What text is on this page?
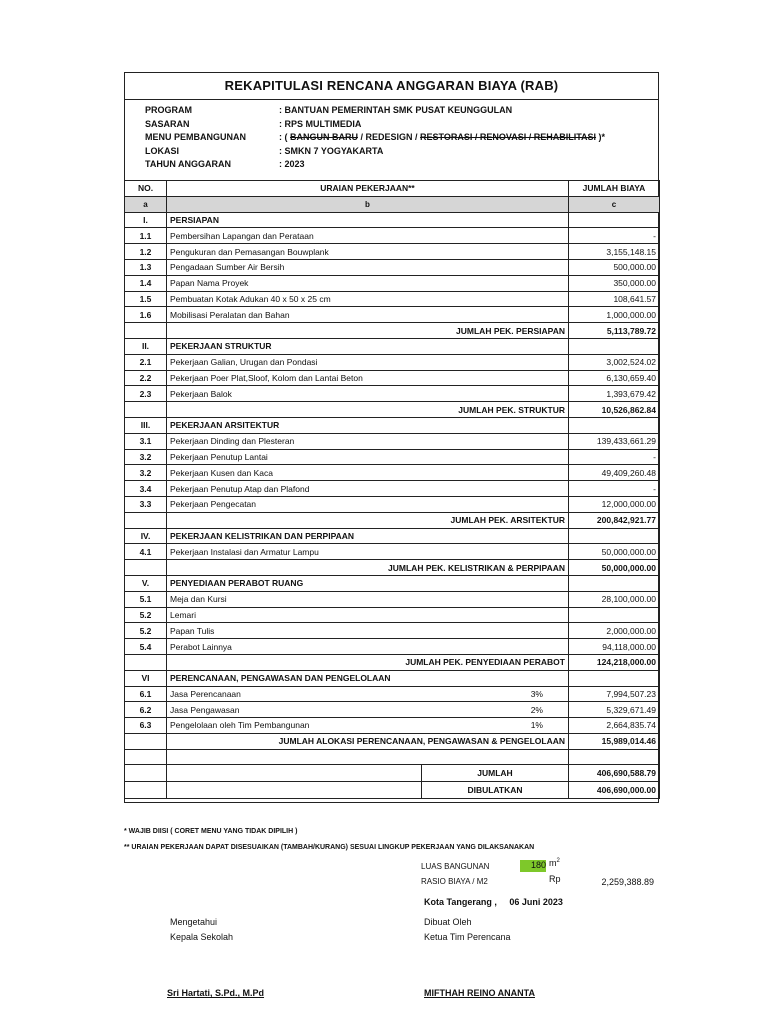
REKAPITULASI RENCANA ANGGARAN BIAYA (RAB)
PROGRAM	: BANTUAN PEMERINTAH SMK PUSAT KEUNGGULAN
SASARAN	: RPS MULTIMEDIA
MENU PEMBANGUNAN	: ( BANGUN BARU / REDESIGN / RESTORASI / RENOVASI / REHABILITASI )*
LOKASI	: SMKN 7 YOGYAKARTA
TAHUN ANGGARAN	: 2023
NO.	URAIAN PEKERJAAN**	JUMLAH BIAYA
a	b	c
I.	PERSIAPAN	
1.1	Pembersihan Lapangan dan Perataan	-
1.2	Pengukuran dan Pemasangan Bouwplank	3,155,148.15
1.3	Pengadaan Sumber Air Bersih	500,000.00
1.4	Papan Nama Proyek	350,000.00
1.5	Pembuatan Kotak Adukan 40 x 50 x 25 cm	108,641.57
1.6	Mobilisasi Peralatan dan Bahan	1,000,000.00
	JUMLAH PEK. PERSIAPAN	5,113,789.72
II.	PEKERJAAN STRUKTUR	
2.1	Pekerjaan Galian, Urugan dan Pondasi	3,002,524.02
2.2	Pekerjaan Poer Plat,Sloof, Kolom dan Lantai Beton	6,130,659.40
2.3	Pekerjaan Balok	1,393,679.42
	JUMLAH PEK. STRUKTUR	10,526,862.84
III.	PEKERJAAN ARSITEKTUR	
3.1	Pekerjaan Dinding dan Plesteran	139,433,661.29
3.2	Pekerjaan Penutup Lantai	-
3.2	Pekerjaan Kusen dan Kaca	49,409,260.48
3.4	Pekerjaan Penutup Atap dan Plafond	-
3.3	Pekerjaan Pengecatan	12,000,000.00
	JUMLAH PEK. ARSITEKTUR	200,842,921.77
IV.	PEKERJAAN KELISTRIKAN DAN PERPIPAAN	
4.1	Pekerjaan Instalasi dan Armatur Lampu	50,000,000.00
	JUMLAH PEK. KELISTRIKAN & PERPIPAAN	50,000,000.00
V.	PENYEDIAAN PERABOT RUANG	
5.1	Meja dan Kursi	28,100,000.00
5.2	Lemari	
5.2	Papan Tulis	2,000,000.00
5.4	Perabot Lainnya	94,118,000.00
	JUMLAH PEK. PENYEDIAAN PERABOT	124,218,000.00
VI	PERENCANAAN, PENGAWASAN DAN PENGELOLAAN	
6.1	Jasa Perencanaan 3%	7,994,507.23
6.2	Jasa Pengawasan 2%	5,329,671.49
6.3	Pengelolaan oleh Tim Pembangunan 1%	2,664,835.74
	JUMLAH ALOKASI PERENCANAAN, PENGAWASAN & PENGELOLAAN	15,989,014.46

	JUMLAH	406,690,588.79

	DIBULATKAN	406,690,000.00
* WAJIB DIISI ( CORET MENU YANG TIDAK DIPILIH )
** URAIAN PEKERJAAN DAPAT DISESUAIKAN (TAMBAH/KURANG) SESUAI LINGKUP PEKERJAAN YANG DILAKSANAKAN
LUAS BANGUNAN	180 $m^2$
RASIO BIAYA / M2	Rp	2,259,388.89
Kota Tangerang ,     06 Juni 2023
Mengetahui
Kepala Sekolah
Dibuat Oleh
Ketua Tim Perencana
Sri Hartati, S.Pd., M.Pd	MIFTHAH REINO ANANTA
